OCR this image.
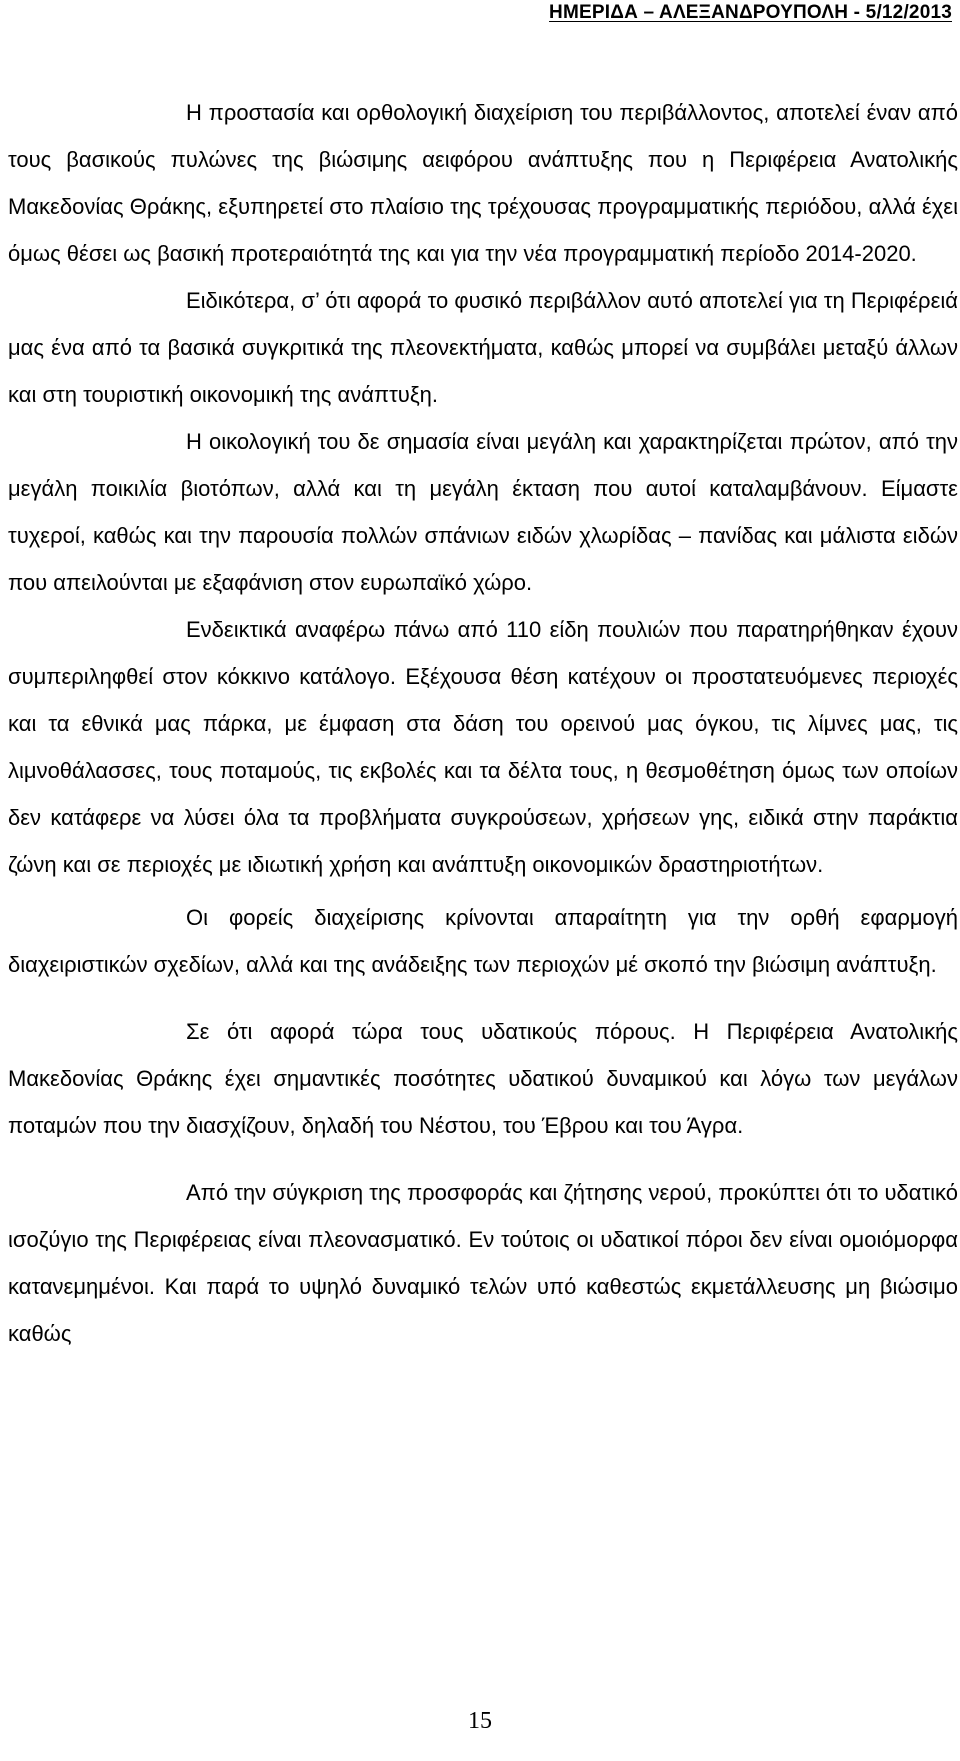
ΗΜΕΡΙΔΑ – ΑΛΕΞΑΝΔΡΟΥΠΟΛΗ - 5/12/2013

Η προστασία και ορθολογική διαχείριση του περιβάλλοντος, αποτελεί έναν από τους βασικούς πυλώνες της βιώσιμης αειφόρου ανάπτυξης που η Περιφέρεια Ανατολικής Μακεδονίας Θράκης, εξυπηρετεί στο πλαίσιο της τρέχουσας προγραμματικής περιόδου, αλλά έχει όμως θέσει ως βασική προτεραιότητά της και για την νέα προγραμματική περίοδο 2014-2020.

Ειδικότερα, σ’ ότι αφορά το φυσικό περιβάλλον αυτό αποτελεί για τη Περιφέρειά μας ένα από τα βασικά συγκριτικά της πλεονεκτήματα, καθώς μπορεί να συμβάλει μεταξύ άλλων και στη τουριστική οικονομική της ανάπτυξη.

Η οικολογική του δε σημασία είναι μεγάλη και χαρακτηρίζεται πρώτον, από την μεγάλη ποικιλία βιοτόπων, αλλά και τη μεγάλη έκταση που αυτοί καταλαμβάνουν. Είμαστε τυχεροί, καθώς και την παρουσία πολλών σπάνιων ειδών χλωρίδας – πανίδας και μάλιστα ειδών που απειλούνται με εξαφάνιση στον ευρωπαϊκό χώρο.

Ενδεικτικά αναφέρω πάνω από 110 είδη πουλιών που παρατηρήθηκαν έχουν συμπεριληφθεί στον κόκκινο κατάλογο. Εξέχουσα θέση κατέχουν οι προστατευόμενες περιοχές και τα εθνικά μας πάρκα, με έμφαση στα δάση του ορεινού μας όγκου, τις λίμνες μας, τις λιμνοθάλασσες, τους ποταμούς, τις εκβολές και τα δέλτα τους, η θεσμοθέτηση όμως των οποίων δεν κατάφερε να λύσει όλα τα προβλήματα συγκρούσεων, χρήσεων γης, ειδικά στην παράκτια ζώνη και σε περιοχές με ιδιωτική χρήση και ανάπτυξη οικονομικών δραστηριοτήτων.

Οι φορείς διαχείρισης κρίνονται απαραίτητη για την ορθή εφαρμογή διαχειριστικών σχεδίων, αλλά και της ανάδειξης των περιοχών μέ σκοπό την βιώσιμη ανάπτυξη.

Σε ότι αφορά τώρα τους υδατικούς πόρους. Η Περιφέρεια Ανατολικής Μακεδονίας Θράκης έχει σημαντικές ποσότητες υδατικού δυναμικού και λόγω των μεγάλων ποταμών που την διασχίζουν, δηλαδή του Νέστου, του Έβρου και του Άγρα.

Από την σύγκριση της προσφοράς και ζήτησης νερού, προκύπτει ότι το υδατικό ισοζύγιο της Περιφέρειας είναι πλεονασματικό. Εν τούτοις οι υδατικοί πόροι δεν είναι ομοιόμορφα κατανεμημένοι. Και παρά το υψηλό δυναμικό τελών υπό καθεστώς εκμετάλλευσης μη βιώσιμο καθώς

15
